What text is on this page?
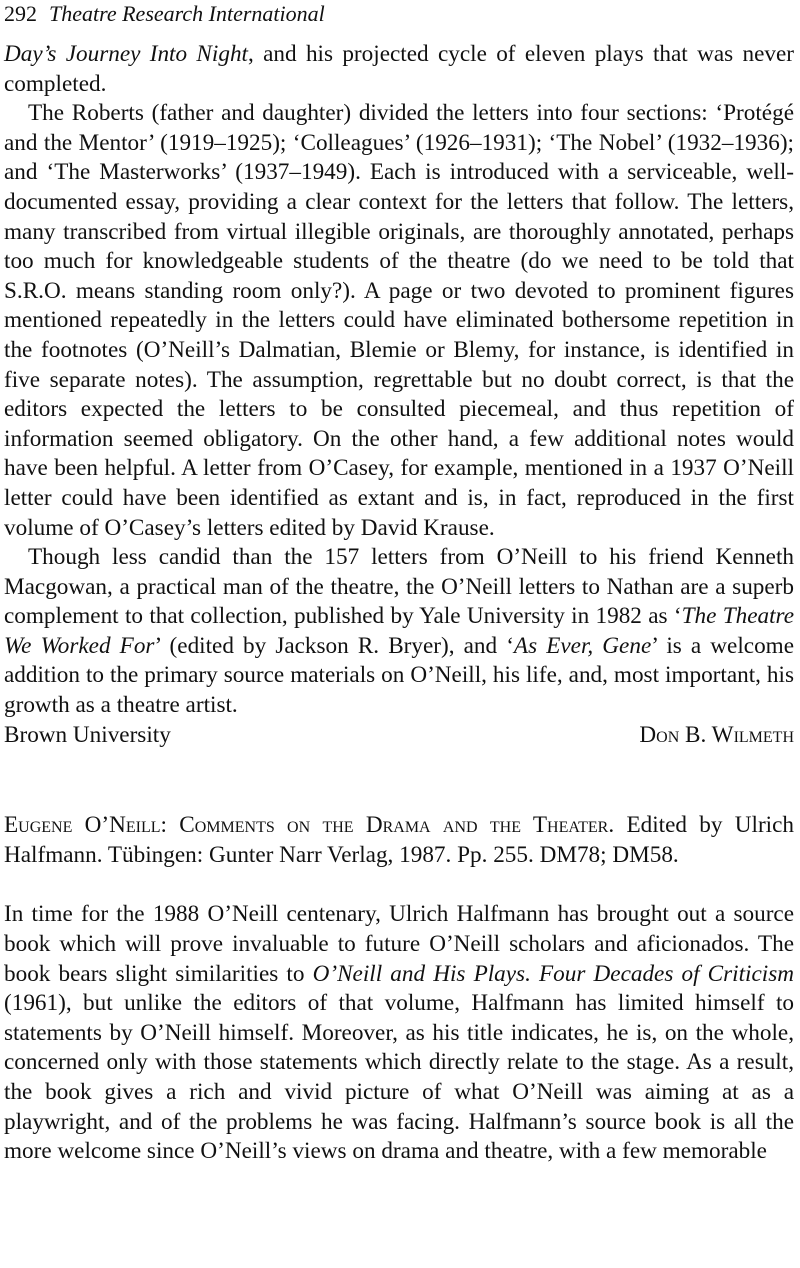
292 Theatre Research International

Day’s Journey Into Night, and his projected cycle of eleven plays that was never completed.

The Roberts (father and daughter) divided the letters into four sections: ‘Protégé and the Mentor’ (1919–1925); ‘Colleagues’ (1926–1931); ‘The Nobel’ (1932–1936); and ‘The Masterworks’ (1937–1949). Each is introduced with a serviceable, well-documented essay, providing a clear context for the letters that follow. The letters, many transcribed from virtual illegible originals, are thoroughly annotated, perhaps too much for knowledgeable students of the theatre (do we need to be told that S.R.O. means standing room only?). A page or two devoted to prominent figures mentioned repeatedly in the letters could have eliminated bothersome repetition in the footnotes (O’Neill’s Dalmatian, Blemie or Blemy, for instance, is identified in five separate notes). The assumption, regrettable but no doubt correct, is that the editors expected the letters to be consulted piecemeal, and thus repetition of information seemed obligatory. On the other hand, a few additional notes would have been helpful. A letter from O’Casey, for example, mentioned in a 1937 O’Neill letter could have been identified as extant and is, in fact, reproduced in the first volume of O’Casey’s letters edited by David Krause.

Though less candid than the 157 letters from O’Neill to his friend Kenneth Macgowan, a practical man of the theatre, the O’Neill letters to Nathan are a superb complement to that collection, published by Yale University in 1982 as ‘The Theatre We Worked For’ (edited by Jackson R. Bryer), and ‘As Ever, Gene’ is a welcome addition to the primary source materials on O’Neill, his life, and, most important, his growth as a theatre artist.

Brown University	Don B. Wilmeth

Eugene O’Neill: Comments on the Drama and the Theater. Edited by Ulrich Halfmann. Tübingen: Gunter Narr Verlag, 1987. Pp. 255. DM78; DM58.

In time for the 1988 O’Neill centenary, Ulrich Halfmann has brought out a source book which will prove invaluable to future O’Neill scholars and aficionados. The book bears slight similarities to O’Neill and His Plays. Four Decades of Criticism (1961), but unlike the editors of that volume, Halfmann has limited himself to statements by O’Neill himself. Moreover, as his title indicates, he is, on the whole, concerned only with those statements which directly relate to the stage. As a result, the book gives a rich and vivid picture of what O’Neill was aiming at as a playwright, and of the problems he was facing. Halfmann’s source book is all the more welcome since O’Neill’s views on drama and theatre, with a few memorable
